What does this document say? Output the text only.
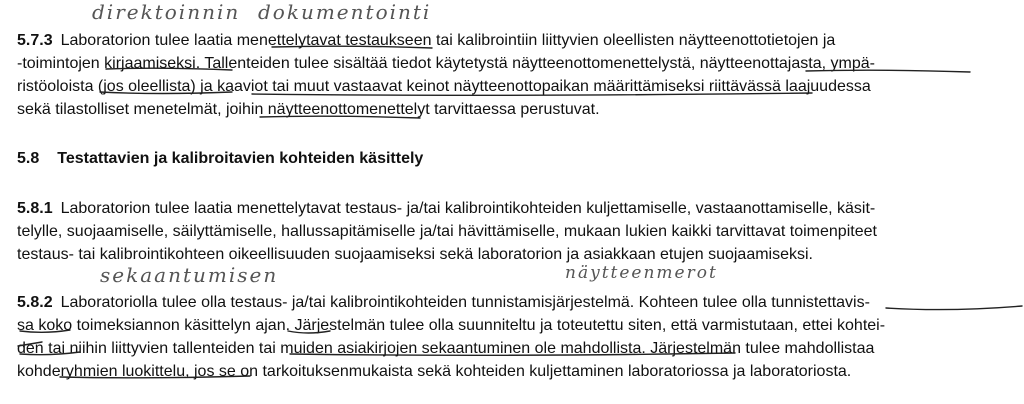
direktoinnin dokumentointi
sekaantumisen	näytteenmerot
5.7.3 Laboratorion tulee laatia menettelytavat testaukseen tai kalibrointiin liittyvien oleellisten näytteenottotietojen ja
-toimintojen kirjaamiseksi. Tallenteiden tulee sisältää tiedot käytetystä näytteenottomenettelystä, näytteenottajasta, ympä-
ristöoloista (jos oleellista) ja kaaviot tai muut vastaavat keinot näytteenottopaikan määrittämiseksi riittävässä laajuudessa
sekä tilastolliset menetelmät, joihin näytteenottomenettelyt tarvittaessa perustuvat.
5.8 Testattavien ja kalibroitavien kohteiden käsittely
5.8.1 Laboratorion tulee laatia menettelytavat testaus- ja/tai kalibrointikohteiden kuljettamiselle, vastaanottamiselle, käsit-
telylle, suojaamiselle, säilyttämiselle, hallussapitämiselle ja/tai hävittämiselle, mukaan lukien kaikki tarvittavat toimenpiteet
testaus- tai kalibrointikohteen oikeellisuuden suojaamiseksi sekä laboratorion ja asiakkaan etujen suojaamiseksi.
5.8.2 Laboratoriolla tulee olla testaus- ja/tai kalibrointikohteiden tunnistamisjärjestelmä. Kohteen tulee olla tunnistettavis-
sa koko toimeksiannon käsittelyn ajan. Järjestelmän tulee olla suunniteltu ja toteutettu siten, että varmistutaan, ettei kohtei-
den tai niihin liittyvien tallenteiden tai muiden asiakirjojen sekaantuminen ole mahdollista. Järjestelmän tulee mahdollistaa
kohderyhmien luokittelu, jos se on tarkoituksenmukaista sekä kohteiden kuljettaminen laboratoriossa ja laboratoriosta.
